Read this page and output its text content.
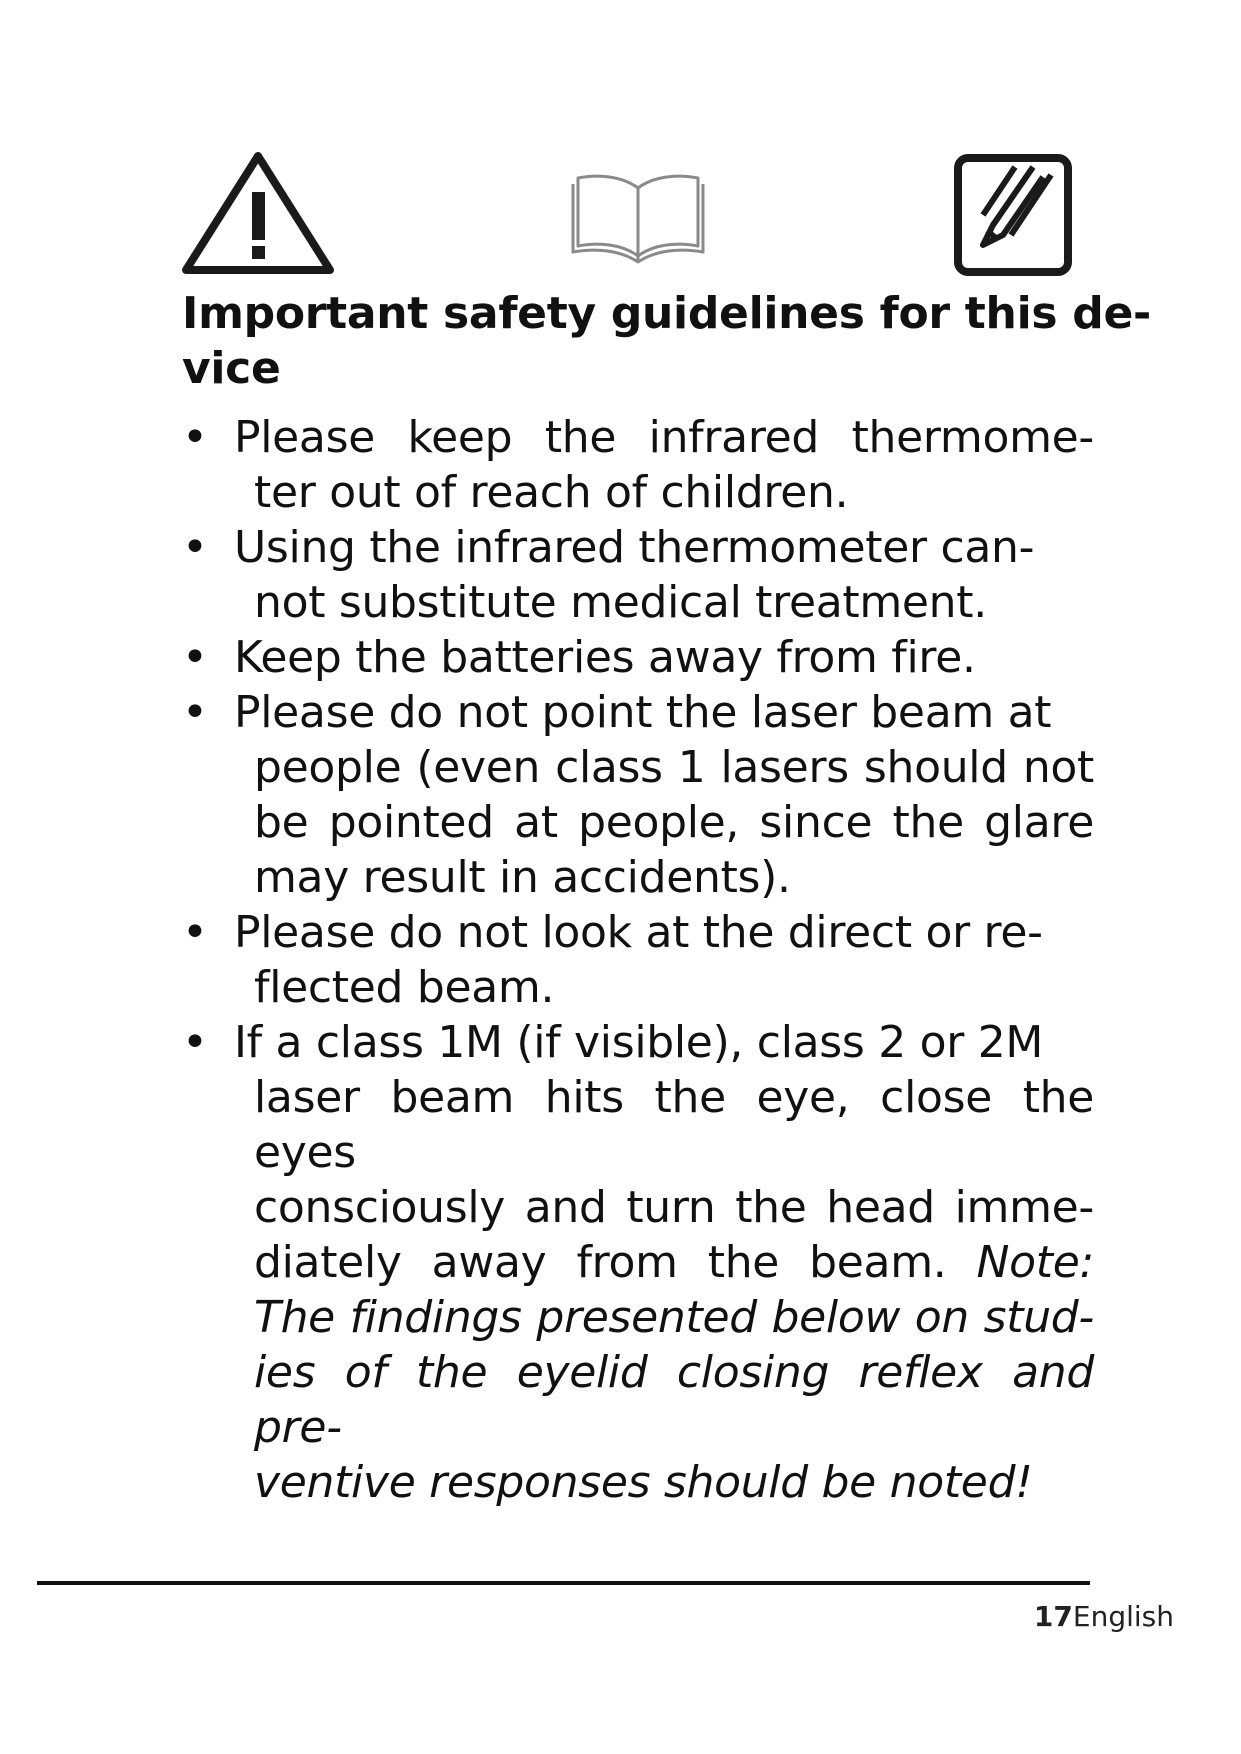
Important safety guidelines for this de-
vice
• Please keep the infrared thermome-
ter out of reach of children.
• Using the infrared thermometer can-
not substitute medical treatment.
• Keep the batteries away from fire.
• Please do not point the laser beam at
people (even class 1 lasers should not
be pointed at people, since the glare
may result in accidents).
• Please do not look at the direct or re-
flected beam.
• If a class 1M (if visible), class 2 or 2M
laser beam hits the eye, close the eyes
consciously and turn the head imme-
diately away from the beam. Note:
The findings presented below on stud-
ies of the eyelid closing reflex and pre-
ventive responses should be noted!
17English
